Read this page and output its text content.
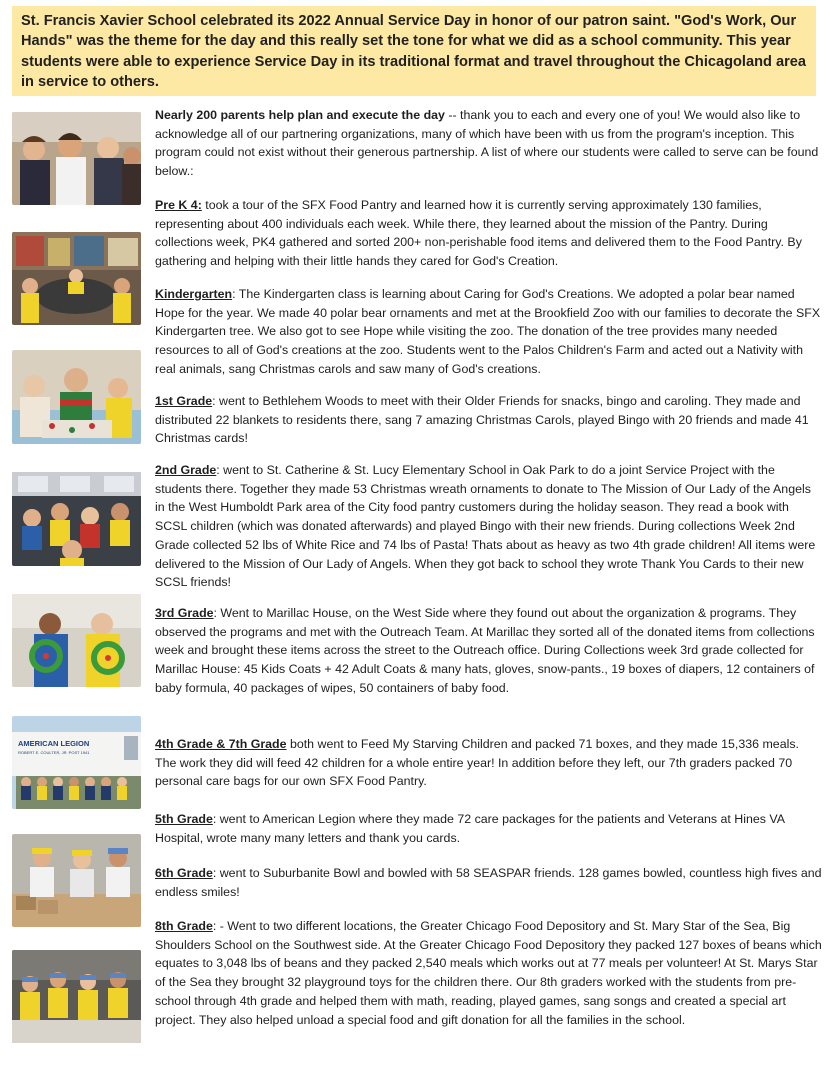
St. Francis Xavier School celebrated its 2022 Annual Service Day in honor of our patron saint. "God's Work, Our Hands" was the theme for the day and this really set the tone for what we did as a school community. This year students were able to experience Service Day in its traditional format and travel throughout the Chicagoland area in service to others.
AMERICAN LEGION
ROBERT E. COULTER, JR. POST 1941
Nearly 200 parents help plan and execute the day -- thank you to each and every one of you! We would also like to acknowledge all of our partnering organizations, many of which have been with us from the program's inception. This program could not exist without their generous partnership. A list of where our students were called to serve can be found below.:
Pre K 4: took a tour of the SFX Food Pantry and learned how it is currently serving approximately 130 families, representing about 400 individuals each week. While there, they learned about the mission of the Pantry. During collections week, PK4 gathered and sorted 200+ non-perishable food items and delivered them to the Food Pantry. By gathering and helping with their little hands they cared for God's Creation.
Kindergarten: The Kindergarten class is learning about Caring for God's Creations. We adopted a polar bear named Hope for the year. We made 40 polar bear ornaments and met at the Brookfield Zoo with our families to decorate the SFX Kindergarten tree. We also got to see Hope while visiting the zoo. The donation of the tree provides many needed resources to all of God's creations at the zoo. Students went to the Palos Children's Farm and acted out a Nativity with real animals, sang Christmas carols and saw many of God's creations.
1st Grade: went to Bethlehem Woods to meet with their Older Friends for snacks, bingo and caroling. They made and distributed 22 blankets to residents there, sang 7 amazing Christmas Carols, played Bingo with 20 friends and made 41 Christmas cards!
2nd Grade: went to St. Catherine & St. Lucy Elementary School in Oak Park to do a joint Service Project with the students there. Together they made 53 Christmas wreath ornaments to donate to The Mission of Our Lady of the Angels in the West Humboldt Park area of the City food pantry customers during the holiday season. They read a book with SCSL children (which was donated afterwards) and played Bingo with their new friends. During collections Week 2nd Grade collected 52 lbs of White Rice and 74 lbs of Pasta! Thats about as heavy as two 4th grade children! All items were delivered to the Mission of Our Lady of Angels. When they got back to school they wrote Thank You Cards to their new SCSL friends!
3rd Grade: Went to Marillac House, on the West Side where they found out about the organization & programs. They observed the programs and met with the Outreach Team. At Marillac they sorted all of the donated items from collections week and brought these items across the street to the Outreach office. During Collections week 3rd grade collected for Marillac House: 45 Kids Coats + 42 Adult Coats & many hats, gloves, snow-pants., 19 boxes of diapers, 12 containers of baby formula, 40 packages of wipes, 50 containers of baby food.
4th Grade & 7th Grade both went to Feed My Starving Children and packed 71 boxes, and they made 15,336 meals. The work they did will feed 42 children for a whole entire year! In addition before they left, our 7th graders packed 70 personal care bags for our own SFX Food Pantry.
5th Grade: went to American Legion where they made 72 care packages for the patients and Veterans at Hines VA Hospital, wrote many many letters and thank you cards.
6th Grade: went to Suburbanite Bowl and bowled with 58 SEASPAR friends. 128 games bowled, countless high fives and endless smiles!
8th Grade: - Went to two different locations, the Greater Chicago Food Depository and St. Mary Star of the Sea, Big Shoulders School on the Southwest side. At the Greater Chicago Food Depository they packed 127 boxes of beans which equates to 3,048 lbs of beans and they packed 2,540 meals which works out at 77 meals per volunteer! At St. Marys Star of the Sea they brought 32 playground toys for the children there. Our 8th graders worked with the students from pre-school through 4th grade and helped them with math, reading, played games, sang songs and created a special art project. They also helped unload a special food and gift donation for all the families in the school.
